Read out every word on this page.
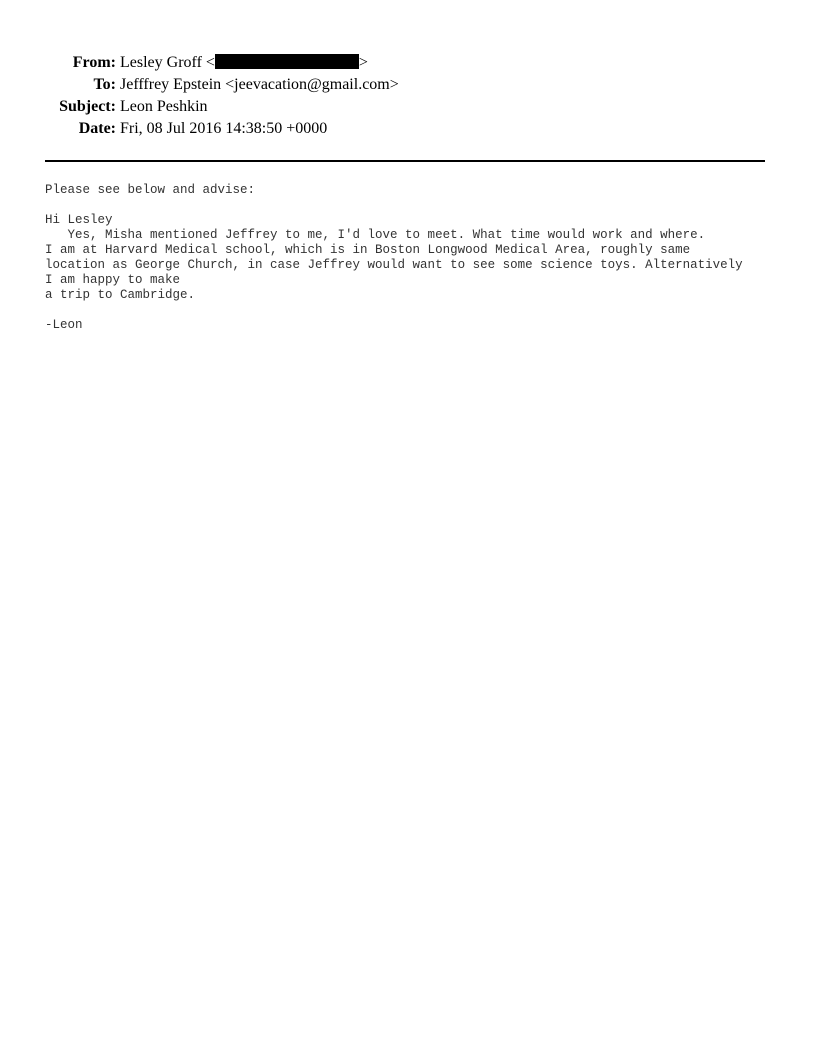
From: Lesley Groff <	>
To: Jefffrey Epstein <jeevacation@gmail.com>
Subject: Leon Peshkin
Date: Fri, 08 Jul 2016 14:38:50 +0000
Please see below and advise:

Hi Lesley
Yes, Misha mentioned Jeffrey to me, I'd love to meet. What time would work and where.
I am at Harvard Medical school, which is in Boston Longwood Medical Area, roughly same
location as George Church, in case Jeffrey would want to see some science toys. Alternatively
I am happy to make
a trip to Cambridge.

-Leon
